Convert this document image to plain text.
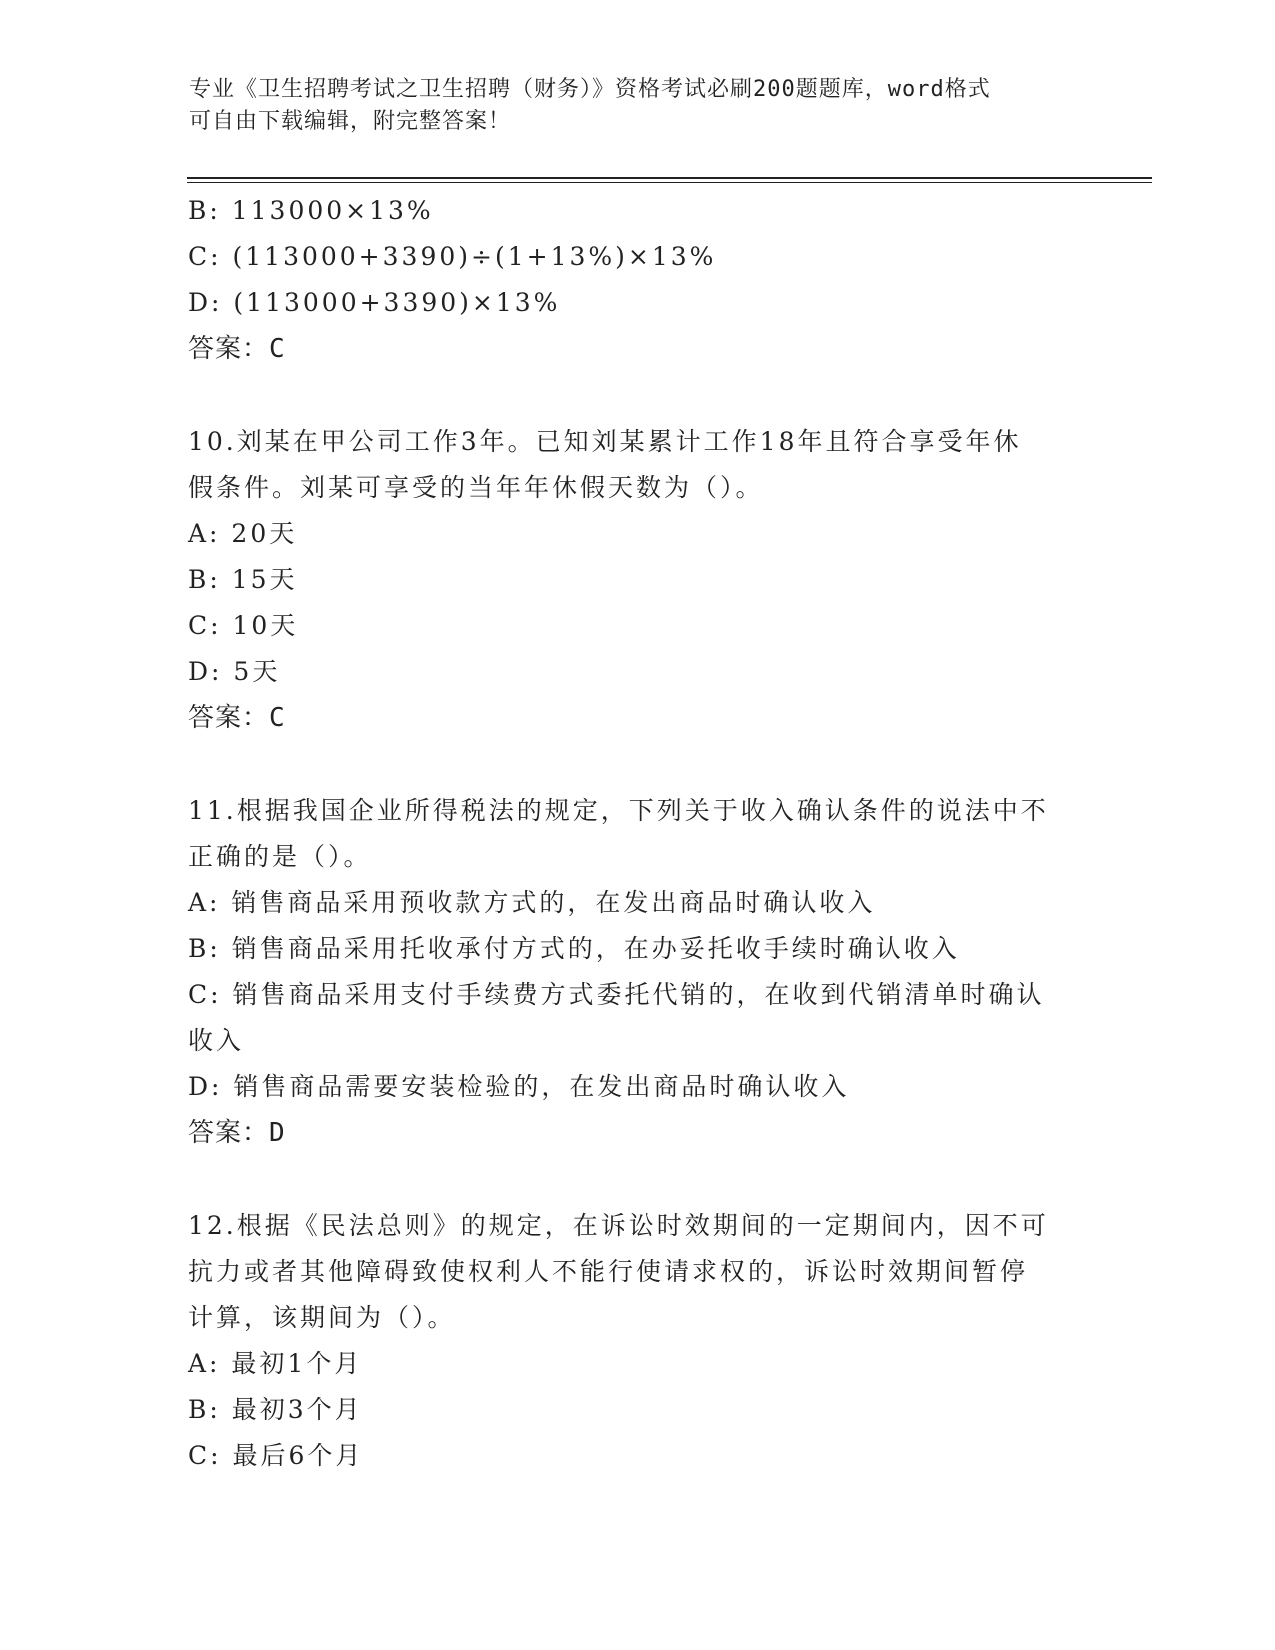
专业《卫生招聘考试之卫生招聘（财务）》资格考试必刷200题题库，word格式
可自由下载编辑，附完整答案！
B: 113000×13%
C: (113000+3390)÷(1+13%)×13%
D: (113000+3390)×13%
答案：C
10.刘某在甲公司工作3年。已知刘某累计工作18年且符合享受年休
假条件。刘某可享受的当年年休假天数为（）。
A: 20天
B: 15天
C: 10天
D: 5天
答案：C
11.根据我国企业所得税法的规定，下列关于收入确认条件的说法中不
正确的是（）。
A: 销售商品采用预收款方式的，在发出商品时确认收入
B: 销售商品采用托收承付方式的，在办妥托收手续时确认收入
C: 销售商品采用支付手续费方式委托代销的，在收到代销清单时确认
收入
D: 销售商品需要安装检验的，在发出商品时确认收入
答案：D
12.根据《民法总则》的规定，在诉讼时效期间的一定期间内，因不可
抗力或者其他障碍致使权利人不能行使请求权的，诉讼时效期间暂停
计算，该期间为（）。
A: 最初1个月
B: 最初3个月
C: 最后6个月
